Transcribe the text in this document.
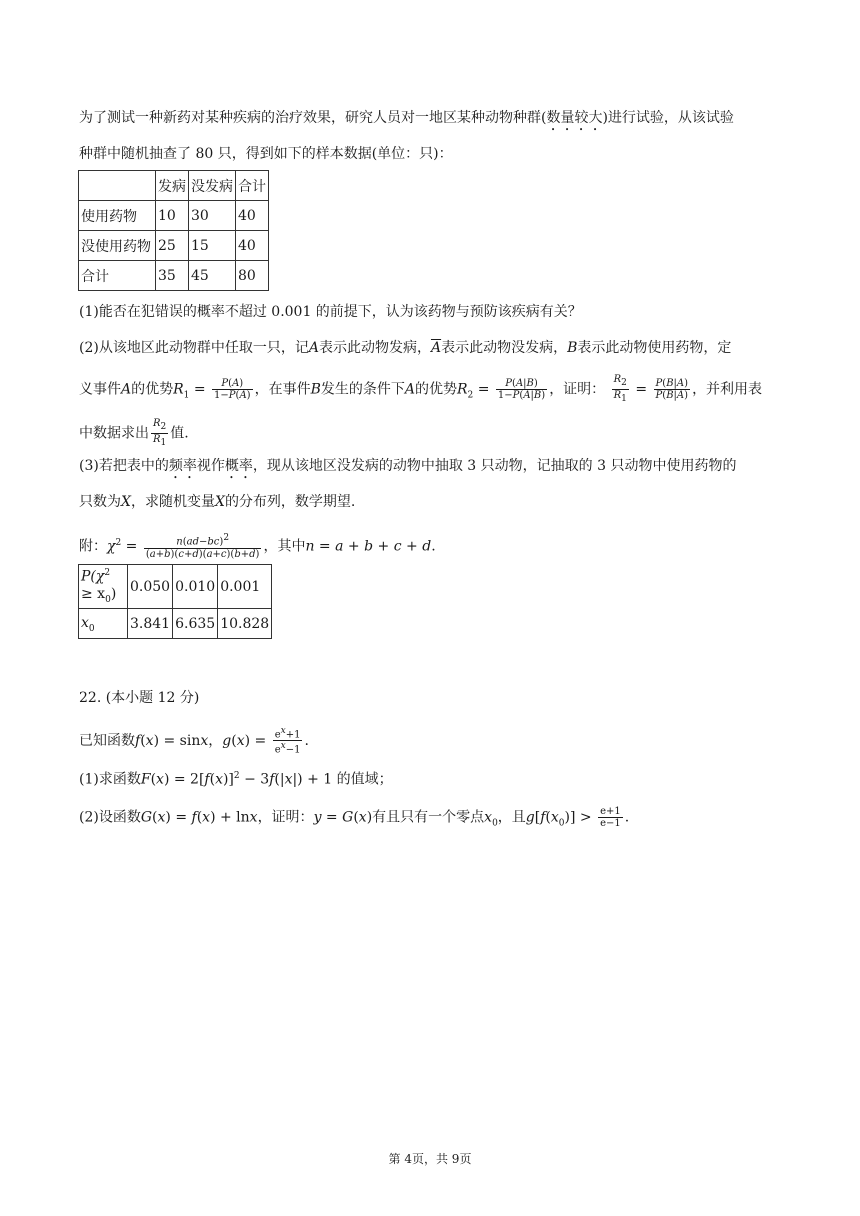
为了测试一种新药对某种疾病的治疗效果，研究人员对一地区某种动物种群(数量较大)进行试验，从该试验
种群中随机抽查了 80 只，得到如下的样本数据(单位：只)：
	发病	没发病	合计
使用药物	10	30	40
没使用药物	25	15	40
合计	35	45	80
(1)能否在犯错误的概率不超过 0.001 的前提下，认为该药物与预防该疾病有关？
(2)从该地区此动物群中任取一只，记A表示此动物发病，$\overline{A}$表示此动物没发病，B表示此动物使用药物，定
义事件A的优势$R_1 = \frac{P(A)}{1-P(A)}$ ，在事件B发生的条件下A的优势$R_2 = \frac{P(A|B)}{1-P(A|B)}$ ，证明： $\frac{R_2}{R_1} = \frac{P(B|A)}{P(B|\overline{A})}$ ，并利用表
中数据求出 $\frac{R_2}{R_1}$ 值.
(3)若把表中的频率视作概率，现从该地区没发病的动物中抽取 3 只动物，记抽取的 3 只动物中使用药物的
只数为X，求随机变量X的分布列，数学期望.
附：$\chi^2 = \frac{n(ad-bc)^2}{(a+b)(c+d)(a+c)(b+d)}$ ，其中n = a + b + c + d.
$P(\chi^2$
≥ $x_0$)	0.050	0.010	0.001
$x_0$	3.841	6.635	10.828
22. (本小题 12 分)
已知函数f(x) = sinx，$g(x) = \frac{e^x+1}{e^x-1}$ .
(1)求函数$F(x) = 2[f(x)]^2 - 3f(|x|) + 1$ 的值域；
(2)设函数G(x) = f(x) + lnx，证明：y = G(x)有且只有一个零点$x_0$，且$g[f(x_0)] > \frac{e+1}{e-1}$ .
第 4页，共 9页
